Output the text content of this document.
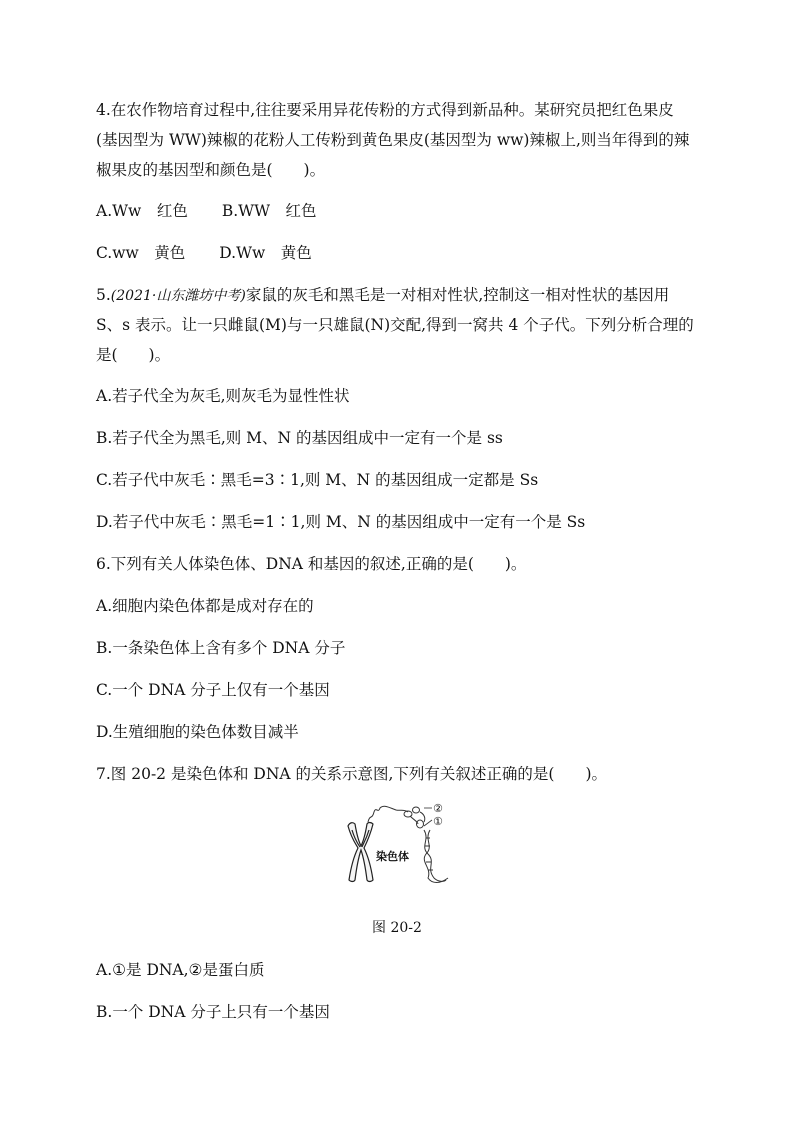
4.在农作物培育过程中,往往要采用异花传粉的方式得到新品种。某研究员把红色果皮
(基因型为 WW)辣椒的花粉人工传粉到黄色果皮(基因型为 ww)辣椒上,则当年得到的辣
椒果皮的基因型和颜色是(　　)。
A.Ww　红色 B.WW　红色
C.ww　黄色 D.Ww　黄色
5.(2021·山东潍坊中考)家鼠的灰毛和黑毛是一对相对性状,控制这一相对性状的基因用
S、s 表示。让一只雌鼠(M)与一只雄鼠(N)交配,得到一窝共 4 个子代。下列分析合理的
是(　　)。
A.若子代全为灰毛,则灰毛为显性性状
B.若子代全为黑毛,则 M、N 的基因组成中一定有一个是 ss
C.若子代中灰毛∶黑毛=3∶1,则 M、N 的基因组成一定都是 Ss
D.若子代中灰毛∶黑毛=1∶1,则 M、N 的基因组成中一定有一个是 Ss
6.下列有关人体染色体、DNA 和基因的叙述,正确的是(　　)。
A.细胞内染色体都是成对存在的
B.一条染色体上含有多个 DNA 分子
C.一个 DNA 分子上仅有一个基因
D.生殖细胞的染色体数目减半
7.图 20-2 是染色体和 DNA 的关系示意图,下列有关叙述正确的是(　　)。
②
①
染色体
图 20-2
A.①是 DNA,②是蛋白质
B.一个 DNA 分子上只有一个基因
